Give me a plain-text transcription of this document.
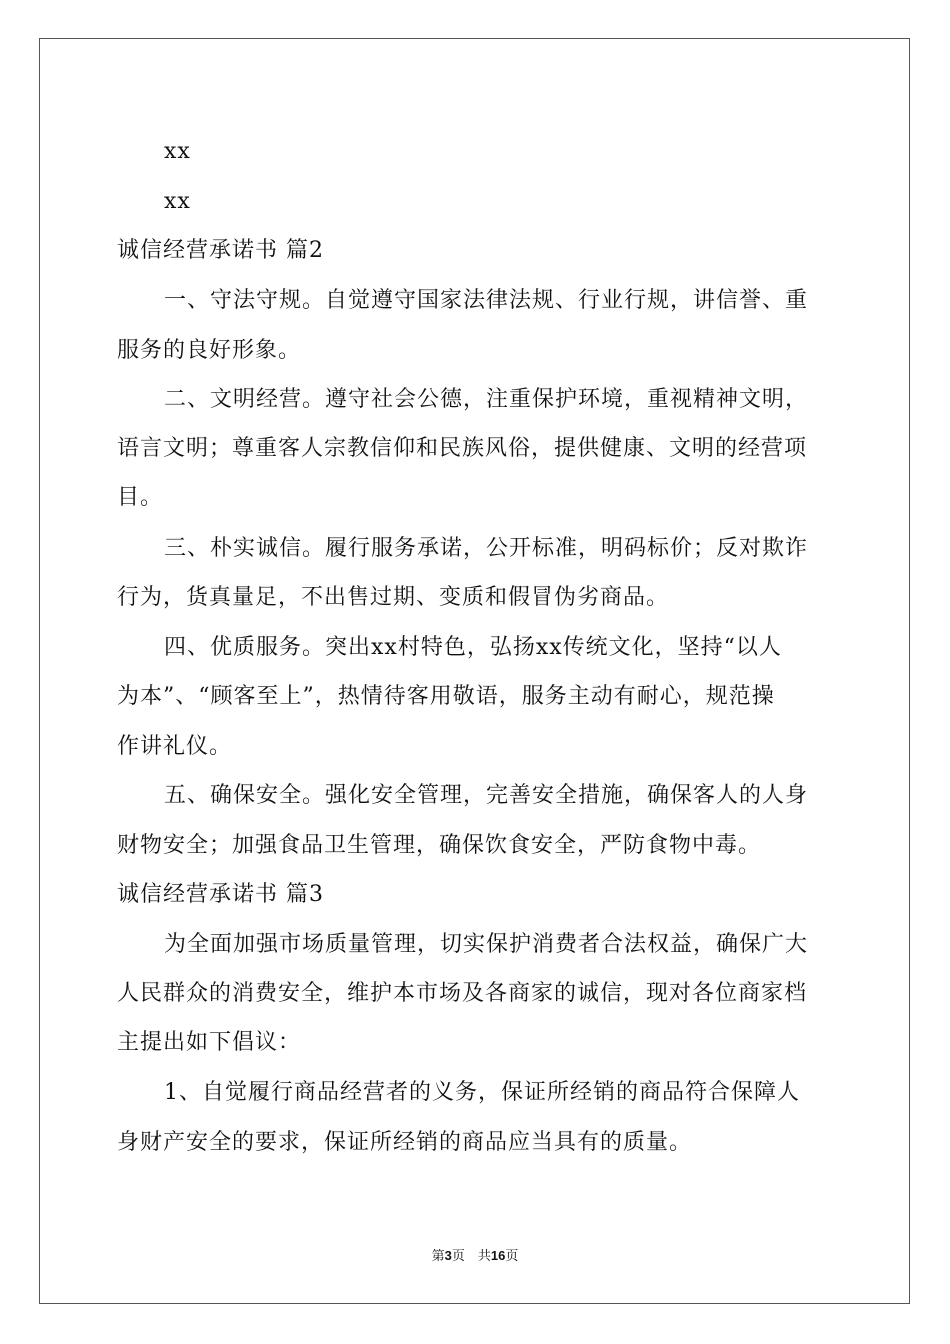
xx
xx
诚信经营承诺书 篇2
一、守法守规。自觉遵守国家法律法规、行业行规，讲信誉、重
服务的良好形象。
二、文明经营。遵守社会公德，注重保护环境，重视精神文明，
语言文明；尊重客人宗教信仰和民族风俗，提供健康、文明的经营项
目。
三、朴实诚信。履行服务承诺，公开标准，明码标价；反对欺诈
行为，货真量足，不出售过期、变质和假冒伪劣商品。
四、优质服务。突出xx村特色，弘扬xx传统文化，坚持“以人
为本”、“顾客至上”，热情待客用敬语，服务主动有耐心，规范操
作讲礼仪。
五、确保安全。强化安全管理，完善安全措施，确保客人的人身
财物安全；加强食品卫生管理，确保饮食安全，严防食物中毒。
诚信经营承诺书 篇3
为全面加强市场质量管理，切实保护消费者合法权益，确保广大
人民群众的消费安全，维护本市场及各商家的诚信，现对各位商家档
主提出如下倡议：
1、自觉履行商品经营者的义务，保证所经销的商品符合保障人
身财产安全的要求，保证所经销的商品应当具有的质量。
第3页　共16页
